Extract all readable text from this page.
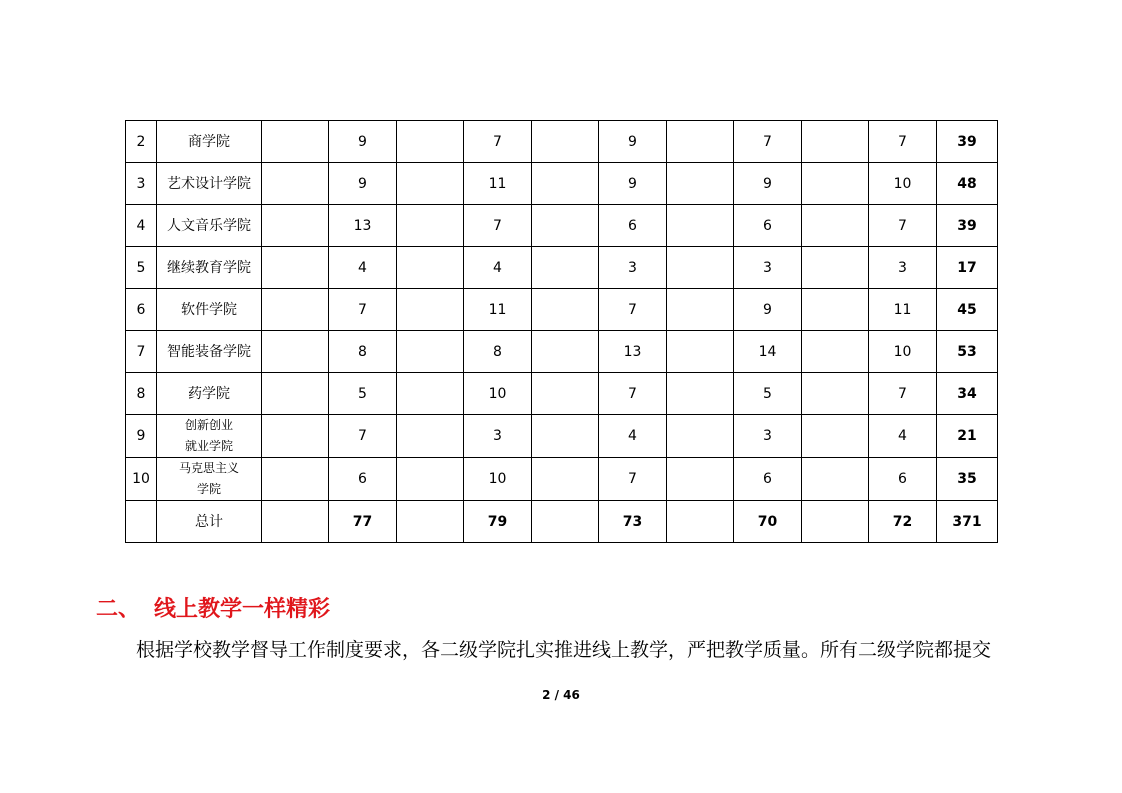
2	商学院		9		7		9		7		7	39
3	艺术设计学院		9		11		9		9		10	48
4	人文音乐学院		13		7		6		6		7	39
5	继续教育学院		4		4		3		3		3	17
6	软件学院		7		11		7		9		11	45
7	智能装备学院		8		8		13		14		10	53
8	药学院		5		10		7		5		7	34
9	创新创业
就业学院		7		3		4		3		4	21
10	马克思主义
学院		6		10		7		6		6	35
	总计		77		79		73		70		72	371
二、 线上教学一样精彩
根据学校教学督导工作制度要求，各二级学院扎实推进线上教学，严把教学质量。所有二级学院都提交
2 / 46
